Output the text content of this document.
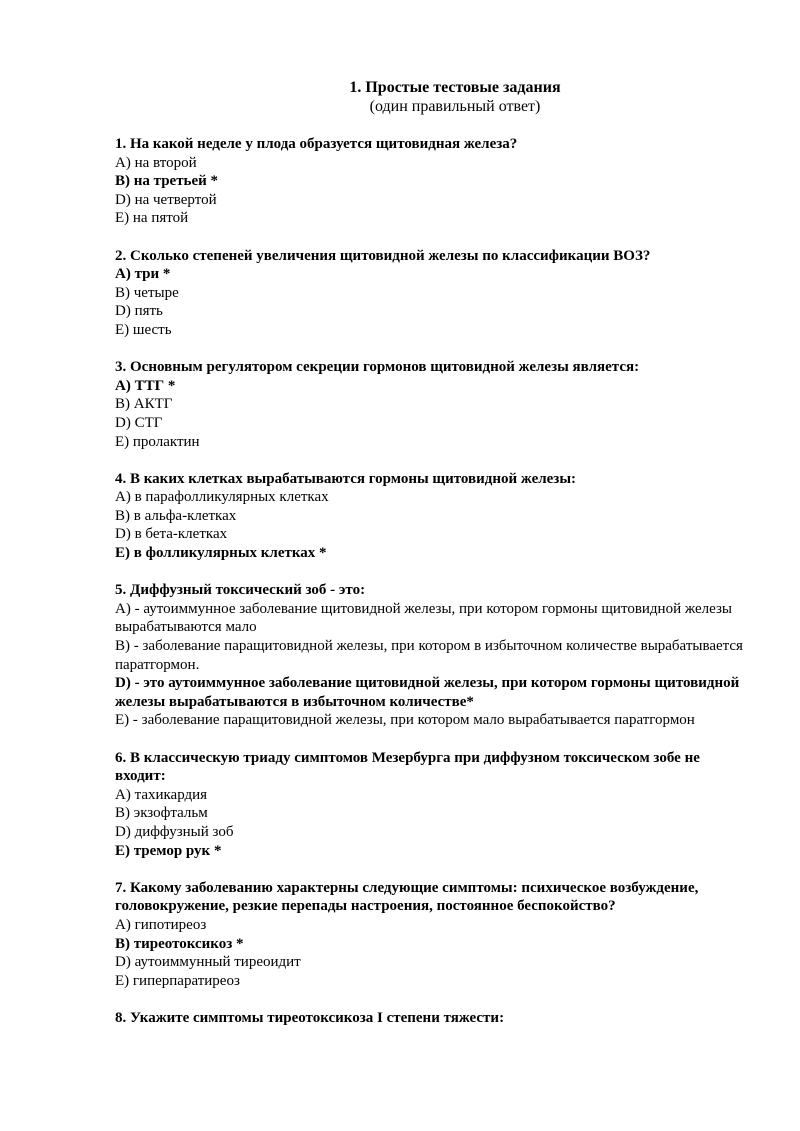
1. Простые тестовые задания
(один правильный ответ)
1. На какой неделе у плода образуется щитовидная железа?
А) на второй
В) на третьей *
D) на четвертой
Е) на пятой
2. Сколько степеней увеличения щитовидной железы по классификации ВОЗ?
А) три *
В) четыре
D) пять
Е) шесть
3. Основным регулятором секреции гормонов щитовидной железы является:
А) ТТГ *
В) АКТГ
D) СТГ
Е) пролактин
4. В каких клетках вырабатываются гормоны щитовидной железы:
А) в парафолликулярных клетках
В) в альфа-клетках
D) в бета-клетках
Е) в фолликулярных клетках *
5. Диффузный токсический зоб - это:
А) - аутоиммунное заболевание щитовидной железы, при котором гормоны щитовидной железы вырабатываются мало
В) - заболевание паращитовидной железы, при котором в избыточном количестве вырабатывается паратгормон.
D) - это аутоиммунное заболевание щитовидной железы, при котором гормоны щитовидной железы вырабатываются в избыточном количестве*
Е) - заболевание паращитовидной железы, при котором мало вырабатывается паратгормон
6. В классическую триаду симптомов Мезербурга при диффузном токсическом зобе не входит:
А) тахикардия
В) экзофтальм
D) диффузный зоб
Е) тремор рук *
7. Какому заболеванию характерны следующие симптомы: психическое возбуждение, головокружение, резкие перепады настроения, постоянное беспокойство?
А) гипотиреоз
В) тиреотоксикоз *
D) аутоиммунный тиреоидит
Е) гиперпаратиреоз
8. Укажите симптомы тиреотоксикоза I степени тяжести:
